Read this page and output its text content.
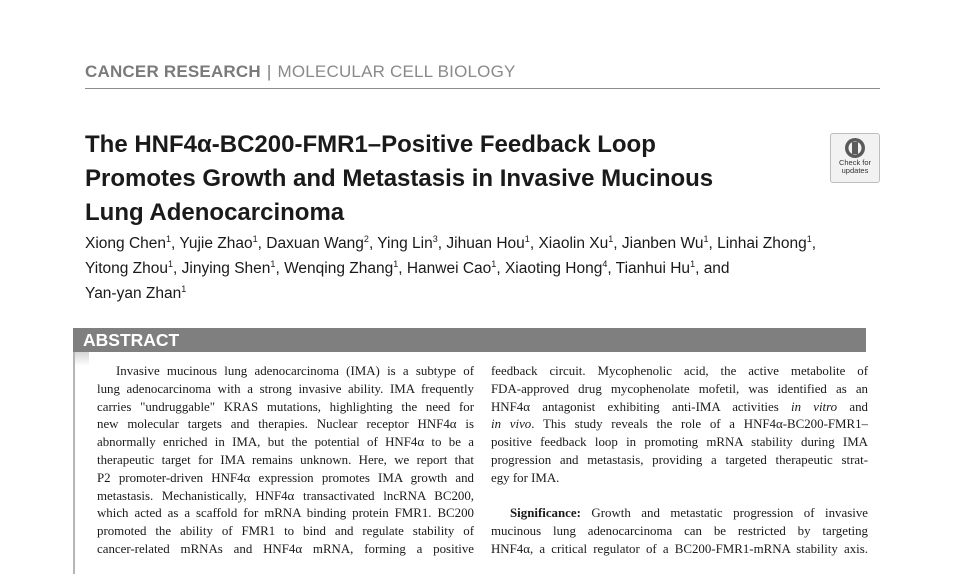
CANCER RESEARCH | MOLECULAR CELL BIOLOGY
The HNF4α-BC200-FMR1–Positive Feedback Loop
Promotes Growth and Metastasis in Invasive Mucinous
Lung Adenocarcinoma
Check for
updates
Xiong Chen$^1$, Yujie Zhao$^1$, Daxuan Wang$^2$, Ying Lin$^3$, Jihuan Hou$^1$, Xiaolin Xu$^1$, Jianben Wu$^1$, Linhai Zhong$^1$,
Yitong Zhou$^1$, Jinying Shen$^1$, Wenqing Zhang$^1$, Hanwei Cao$^1$, Xiaoting Hong$^4$, Tianhui Hu$^1$, and
Yan-yan Zhan$^1$
ABSTRACT
Invasive mucinous lung adenocarcinoma (IMA) is a subtype of
lung adenocarcinoma with a strong invasive ability. IMA frequently
carries "undruggable" KRAS mutations, highlighting the need for
new molecular targets and therapies. Nuclear receptor HNF4α is
abnormally enriched in IMA, but the potential of HNF4α to be a
therapeutic target for IMA remains unknown. Here, we report that
P2 promoter-driven HNF4α expression promotes IMA growth and
metastasis. Mechanistically, HNF4α transactivated lncRNA BC200,
which acted as a scaffold for mRNA binding protein FMR1. BC200
promoted the ability of FMR1 to bind and regulate stability of
cancer-related mRNAs and HNF4α mRNA, forming a positive
feedback circuit. Mycophenolic acid, the active metabolite of
FDA-approved drug mycophenolate mofetil, was identified as an
HNF4α antagonist exhibiting anti-IMA activities in vitro and
in vivo. This study reveals the role of a HNF4α-BC200-FMR1–
positive feedback loop in promoting mRNA stability during IMA
progression and metastasis, providing a targeted therapeutic strat-
egy for IMA.
Significance: Growth and metastatic progression of invasive
mucinous lung adenocarcinoma can be restricted by targeting
HNF4α, a critical regulator of a BC200-FMR1-mRNA stability axis.
